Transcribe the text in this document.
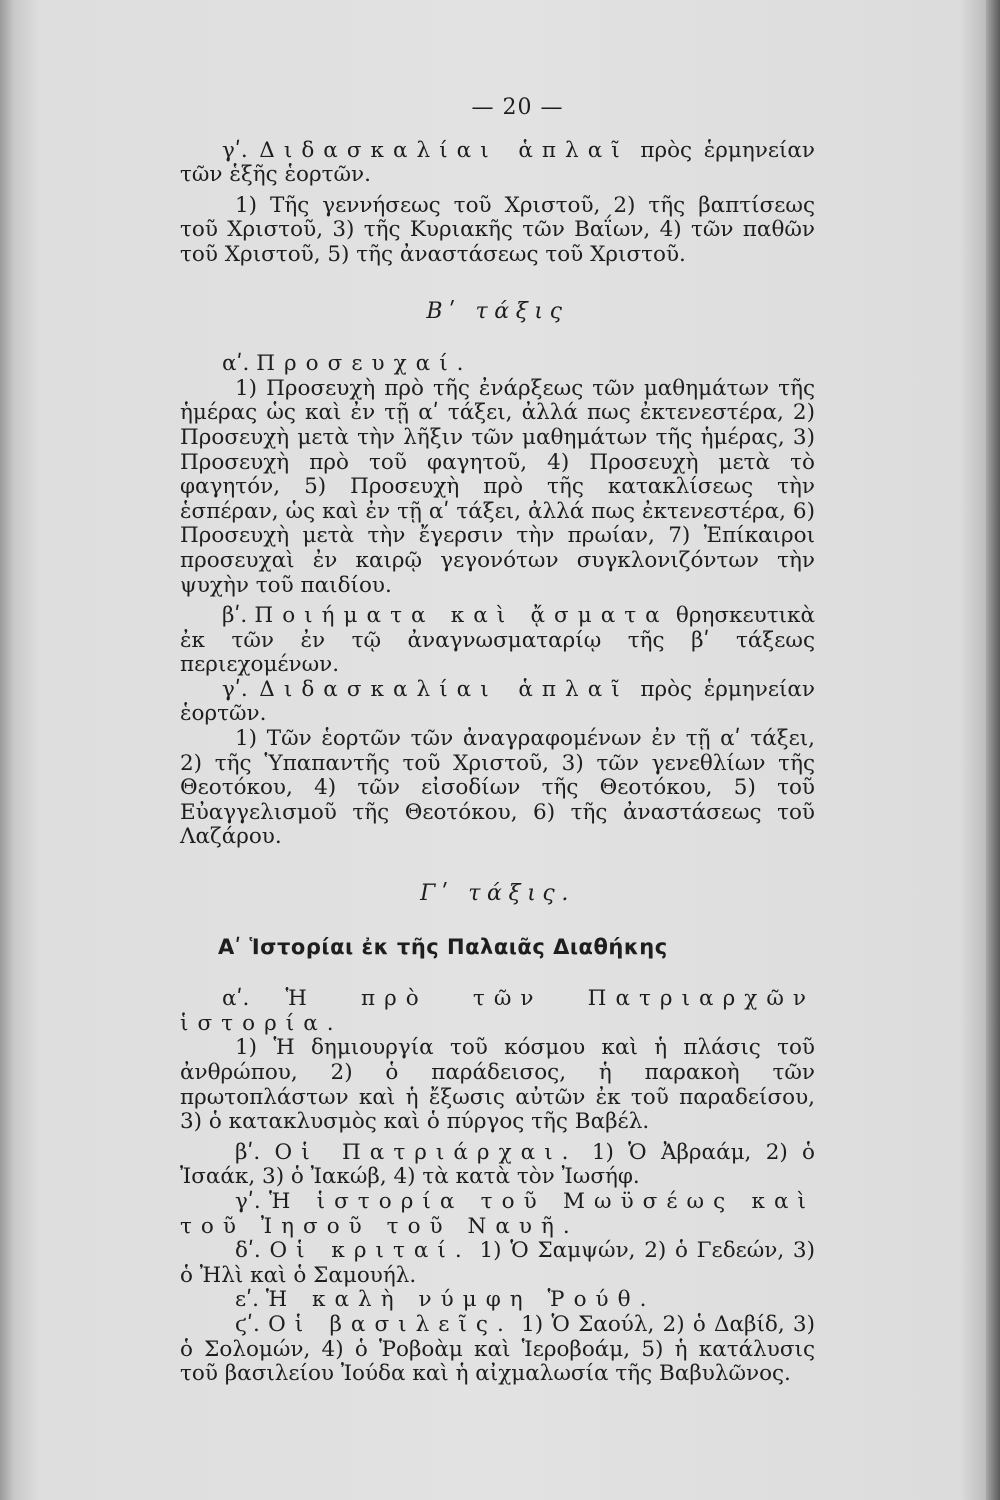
— 20 —

γʹ. Διδασκαλίαι ἁπλαῖ πρὸς ἑρμηνείαν τῶν ἑξῆς ἑορτῶν.

1) Τῆς γεννήσεως τοῦ Χριστοῦ, 2) τῆς βαπτίσεως τοῦ Χριστοῦ, 3) τῆς Κυριακῆς τῶν Βαΐων, 4) τῶν παθῶν τοῦ Χριστοῦ, 5) τῆς ἀναστάσεως τοῦ Χριστοῦ.

Βʹ τάξις

αʹ. Προσευχαί.

1) Προσευχὴ πρὸ τῆς ἐνάρξεως τῶν μαθημάτων τῆς ἡμέρας ὡς καὶ ἐν τῇ αʹ τάξει, ἀλλά πως ἐκτενεστέρα, 2) Προσευχὴ μετὰ τὴν λῆξιν τῶν μαθημάτων τῆς ἡμέρας, 3) Προσευχὴ πρὸ τοῦ φαγητοῦ, 4) Προσευχὴ μετὰ τὸ φαγητόν, 5) Προσευχὴ πρὸ τῆς κατακλίσεως τὴν ἑσπέραν, ὡς καὶ ἐν τῇ αʹ τάξει, ἀλλά πως ἐκτενεστέρα, 6) Προσευχὴ μετὰ τὴν ἔγερσιν τὴν πρωίαν, 7) Ἐπίκαιροι προσευχαὶ ἐν καιρῷ γεγονότων συγκλονιζόντων τὴν ψυχὴν τοῦ παιδίου.

βʹ. Ποιήματα καὶ ᾄσματα θρησκευτικὰ ἐκ τῶν ἐν τῷ ἀναγνωσματαρίῳ τῆς βʹ τάξεως περιεχομένων.

γʹ. Διδασκαλίαι ἁπλαῖ πρὸς ἑρμηνείαν ἑορτῶν.

1) Τῶν ἑορτῶν τῶν ἀναγραφομένων ἐν τῇ αʹ τάξει, 2) τῆς Ὑπαπαντῆς τοῦ Χριστοῦ, 3) τῶν γενεθλίων τῆς Θεοτόκου, 4) τῶν εἰσοδίων τῆς Θεοτόκου, 5) τοῦ Εὐαγγελισμοῦ τῆς Θεοτόκου, 6) τῆς ἀναστάσεως τοῦ Λαζάρου.

Γʹ τάξις.
Αʹ Ἱστορίαι ἐκ τῆς Παλαιᾶς Διαθήκης

αʹ. Ἡ πρὸ τῶν Πατριαρχῶν ἱστορία.

1) Ἡ δημιουργία τοῦ κόσμου καὶ ἡ πλάσις τοῦ ἀνθρώπου, 2) ὁ παράδεισος, ἡ παρακοὴ τῶν πρωτοπλάστων καὶ ἡ ἔξωσις αὐτῶν ἐκ τοῦ παραδείσου, 3) ὁ κατακλυσμὸς καὶ ὁ πύργος τῆς Βαβέλ.

βʹ. Οἱ Πατριάρχαι. 1) Ὁ Ἀβραάμ, 2) ὁ Ἰσαάκ, 3) ὁ Ἰακώβ, 4) τὰ κατὰ τὸν Ἰωσήφ.

γʹ. Ἡ ἱστορία τοῦ Μωϋσέως καὶ τοῦ Ἰησοῦ τοῦ Ναυῆ.

δʹ. Οἱ κριταί. 1) Ὁ Σαμψών, 2) ὁ Γεδεών, 3) ὁ Ἠλὶ καὶ ὁ Σαμουήλ.

εʹ. Ἡ καλὴ νύμφη Ῥούθ.

ϛʹ. Οἱ βασιλεῖς. 1) Ὁ Σαούλ, 2) ὁ Δαβίδ, 3) ὁ Σολομών, 4) ὁ Ῥοβοὰμ καὶ Ἱεροβοάμ, 5) ἡ κατάλυσις τοῦ βασιλείου Ἰούδα καὶ ἡ αἰχμαλωσία τῆς Βαβυλῶνος.
